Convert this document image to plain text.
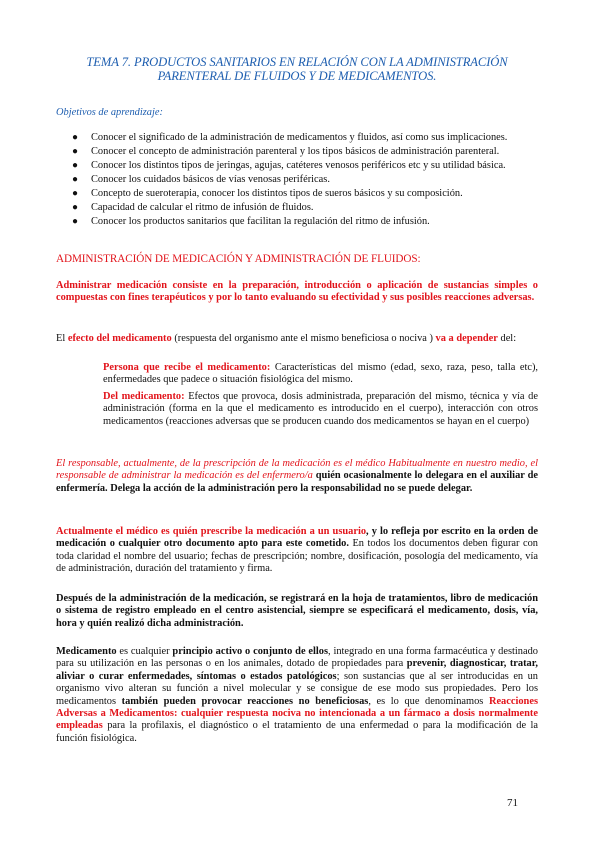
TEMA 7. PRODUCTOS SANITARIOS EN RELACIÓN CON LA ADMINISTRACIÓN
PARENTERAL DE FLUIDOS Y DE MEDICAMENTOS.
Objetivos de aprendizaje:
● Conocer el significado de la administración de medicamentos y fluidos, así como sus implicaciones.
● Conocer el concepto de administración parenteral y los tipos básicos de administración parenteral.
● Conocer los distintos tipos de jeringas, agujas, catéteres venosos periféricos etc y su utilidad básica.
● Conocer los cuidados básicos de vías venosas periféricas.
● Concepto de sueroterapia, conocer los distintos tipos de sueros básicos y su composición.
● Capacidad de calcular el ritmo de infusión de fluidos.
● Conocer los productos sanitarios que facilitan la regulación del ritmo de infusión.
ADMINISTRACIÓN DE MEDICACIÓN Y ADMINISTRACIÓN DE FLUIDOS:

Administrar medicación consiste en la preparación, introducción o aplicación de sustancias simples o compuestas con fines terapéuticos y por lo tanto evaluando su efectividad y sus posibles reacciones adversas.

El efecto del medicamento (respuesta del organismo ante el mismo beneficiosa o nociva ) va a depender del:

Persona que recibe el medicamento: Características del mismo (edad, sexo, raza, peso, talla etc), enfermedades que padece o situación fisiológica del mismo.

Del medicamento: Efectos que provoca, dosis administrada, preparación del mismo, técnica y vía de administración (forma en la que el medicamento es introducido en el cuerpo), interacción con otros medicamentos (reacciones adversas que se producen cuando dos medicamentos se hayan en el cuerpo)

El responsable, actualmente, de la prescripción de la medicación es el médico Habitualmente en nuestro medio, el responsable de administrar la medicación es del enfermero/a quién ocasionalmente lo delegara en el auxiliar de enfermería. Delega la acción de la administración pero la responsabilidad no se puede delegar.

Actualmente el médico es quién prescribe la medicación a un usuario, y lo refleja por escrito en la orden de medicación o cualquier otro documento apto para este cometido. En todos los documentos deben figurar con toda claridad el nombre del usuario; fechas de prescripción; nombre, dosificación, posología del medicamento, vía de administración, duración del tratamiento y firma.

Después de la administración de la medicación, se registrará en la hoja de tratamientos, libro de medicación o sistema de registro empleado en el centro asistencial, siempre se especificará el medicamento, dosis, vía, hora y quién realizó dicha administración.

Medicamento es cualquier principio activo o conjunto de ellos, integrado en una forma farmacéutica y destinado para su utilización en las personas o en los animales, dotado de propiedades para prevenir, diagnosticar, tratar, aliviar o curar enfermedades, síntomas o estados patológicos; son sustancias que al ser introducidas en un organismo vivo alteran su función a nivel molecular y se consigue de ese modo sus propiedades. Pero los medicamentos también pueden provocar reacciones no beneficiosas, es lo que denominamos Reacciones Adversas a Medicamentos: cualquier respuesta nociva no intencionada a un fármaco a dosis normalmente empleadas para la profilaxis, el diagnóstico o el tratamiento de una enfermedad o para la modificación de la función fisiológica.

71
